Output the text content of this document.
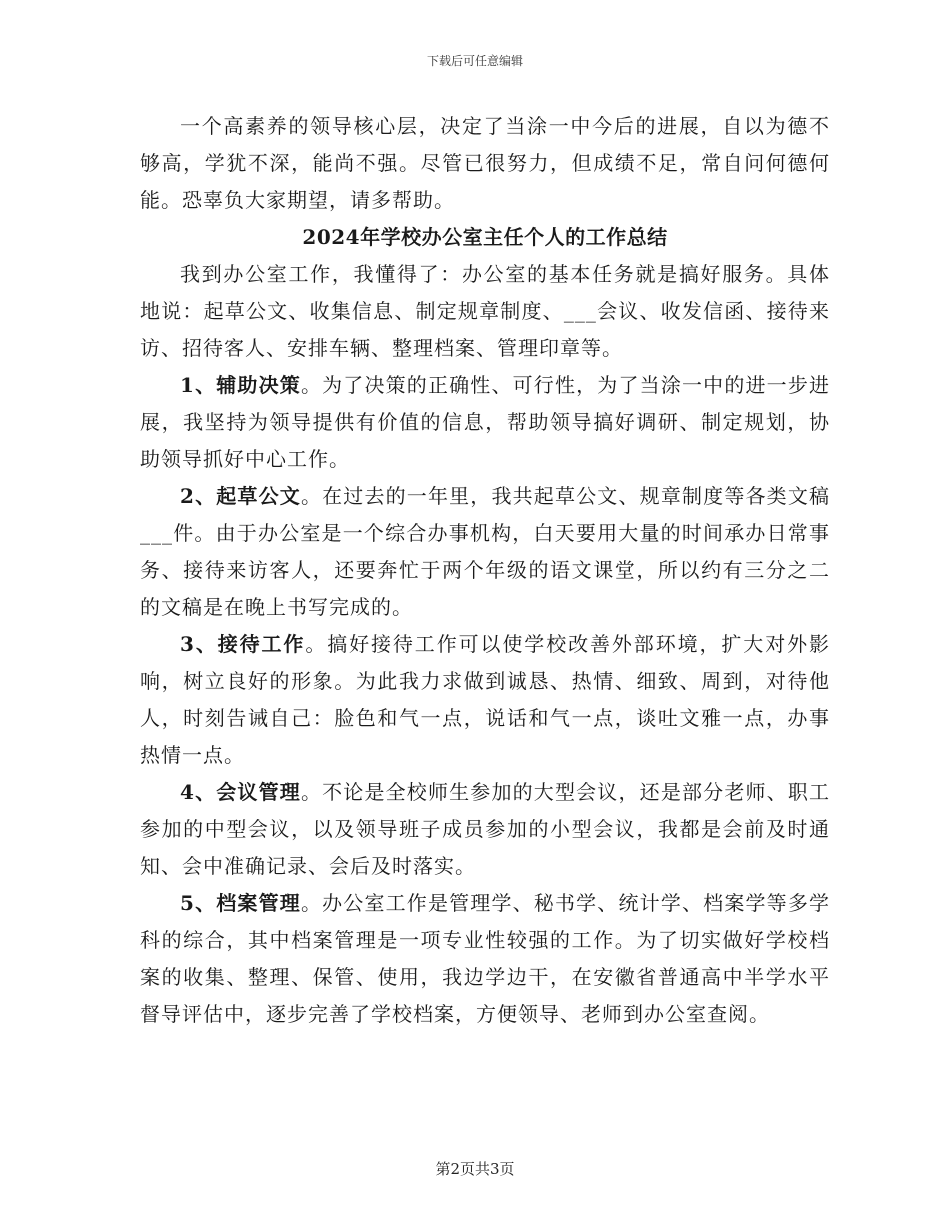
下载后可任意编辑

一个高素养的领导核心层，决定了当涂一中今后的进展，自以为德不够高，学犹不深，能尚不强。尽管已很努力，但成绩不足，常自问何德何能。恐辜负大家期望，请多帮助。

2024年学校办公室主任个人的工作总结

我到办公室工作，我懂得了：办公室的基本任务就是搞好服务。具体地说：起草公文、收集信息、制定规章制度、___会议、收发信函、接待来访、招待客人、安排车辆、整理档案、管理印章等。

1、辅助决策。为了决策的正确性、可行性，为了当涂一中的进一步进展，我坚持为领导提供有价值的信息，帮助领导搞好调研、制定规划，协助领导抓好中心工作。

2、起草公文。在过去的一年里，我共起草公文、规章制度等各类文稿___件。由于办公室是一个综合办事机构，白天要用大量的时间承办日常事务、接待来访客人，还要奔忙于两个年级的语文课堂，所以约有三分之二的文稿是在晚上书写完成的。

3、接待工作。搞好接待工作可以使学校改善外部环境，扩大对外影响，树立良好的形象。为此我力求做到诚恳、热情、细致、周到，对待他人，时刻告诫自己：脸色和气一点，说话和气一点，谈吐文雅一点，办事热情一点。

4、会议管理。不论是全校师生参加的大型会议，还是部分老师、职工参加的中型会议，以及领导班子成员参加的小型会议，我都是会前及时通知、会中准确记录、会后及时落实。

5、档案管理。办公室工作是管理学、秘书学、统计学、档案学等多学科的综合，其中档案管理是一项专业性较强的工作。为了切实做好学校档案的收集、整理、保管、使用，我边学边干，在安徽省普通高中半学水平督导评估中，逐步完善了学校档案，方便领导、老师到办公室查阅。

第2页共3页
